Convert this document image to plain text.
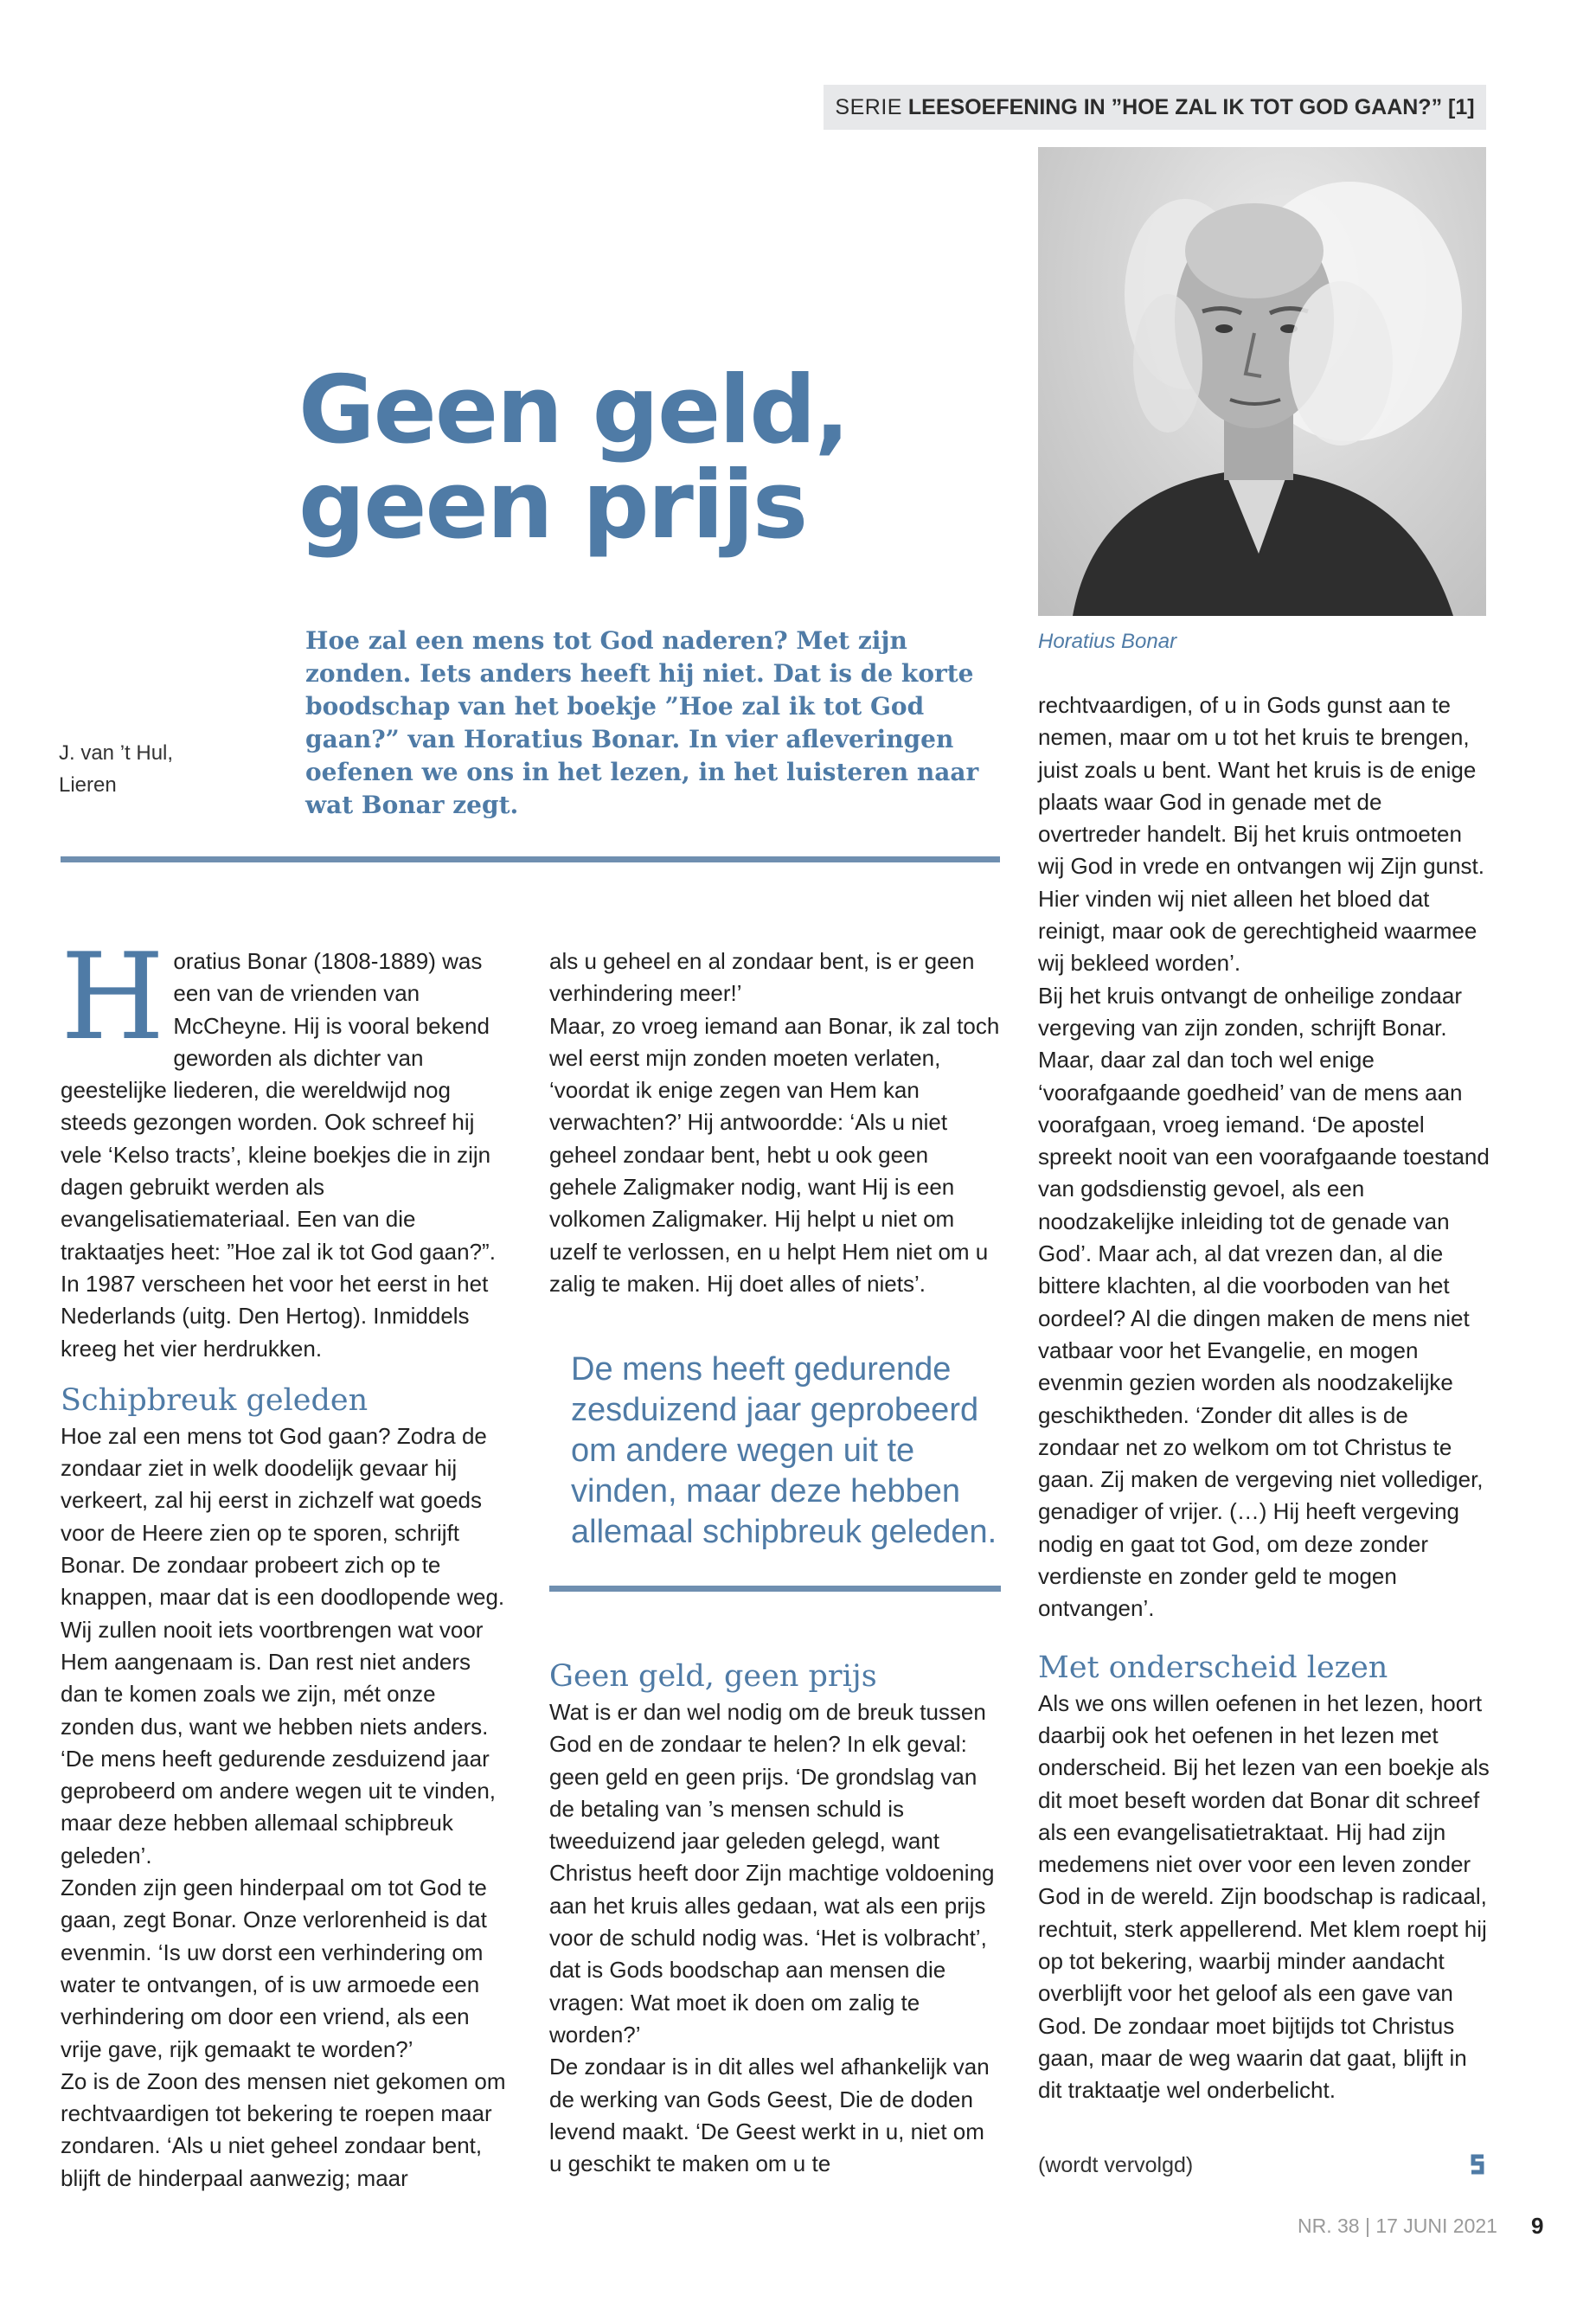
SERIE LEESOEFENING IN ”HOE ZAL IK TOT GOD GAAN?” [1]
Horatius Bonar
Geen geld,
geen prijs
Hoe zal een mens tot God naderen? Met zijn zonden. Iets anders heeft hij niet. Dat is de korte boodschap van het boekje ”Hoe zal ik tot God gaan?” van Horatius Bonar. In vier afleveringen oefenen we ons in het lezen, in het luisteren naar wat Bonar zegt.
J. van ’t Hul,
Lieren

Horatius Bonar (1808-1889) was een van de vrienden van McCheyne. Hij is vooral bekend geworden als dichter van geestelijke liederen, die wereldwijd nog steeds gezongen worden. Ook schreef hij vele ‘Kelso tracts’, kleine boekjes die in zijn dagen gebruikt werden als evangelisatiemateriaal. Een van die traktaatjes heet: ”Hoe zal ik tot God gaan?”. In 1987 verscheen het voor het eerst in het Nederlands (uitg. Den Hertog). Inmiddels kreeg het vier herdrukken.

Schipbreuk geleden

Hoe zal een mens tot God gaan? Zodra de zondaar ziet in welk doodelijk gevaar hij verkeert, zal hij eerst in zichzelf wat goeds voor de Heere zien op te sporen, schrijft Bonar. De zondaar probeert zich op te knappen, maar dat is een doodlopende weg. Wij zullen nooit iets voortbrengen wat voor Hem aangenaam is. Dan rest niet anders dan te komen zoals we zijn, mét onze zonden dus, want we hebben niets anders. ‘De mens heeft gedurende zesduizend jaar geprobeerd om andere wegen uit te vinden, maar deze hebben allemaal schipbreuk geleden’.

Zonden zijn geen hinderpaal om tot God te gaan, zegt Bonar. Onze verlorenheid is dat evenmin. ‘Is uw dorst een verhindering om water te ontvangen, of is uw armoede een verhindering om door een vriend, als een vrije gave, rijk gemaakt te worden?’

Zo is de Zoon des mensen niet gekomen om rechtvaardigen tot bekering te roepen maar zondaren. ‘Als u niet geheel zondaar bent, blijft de hinderpaal aanwezig; maar

als u geheel en al zondaar bent, is er geen verhindering meer!’

Maar, zo vroeg iemand aan Bonar, ik zal toch wel eerst mijn zonden moeten verlaten, ‘voordat ik enige zegen van Hem kan verwachten?’ Hij antwoordde: ‘Als u niet geheel zondaar bent, hebt u ook geen gehele Zaligmaker nodig, want Hij is een volkomen Zaligmaker. Hij helpt u niet om uzelf te verlossen, en u helpt Hem niet om u zalig te maken. Hij doet alles of niets’.

De mens heeft gedurende zesduizend jaar geprobeerd om andere wegen uit te vinden, maar deze hebben allemaal schipbreuk geleden.
Geen geld, geen prijs

Wat is er dan wel nodig om de breuk tussen God en de zondaar te helen? In elk geval: geen geld en geen prijs. ‘De grondslag van de betaling van ’s mensen schuld is tweeduizend jaar geleden gelegd, want Christus heeft door Zijn machtige voldoening aan het kruis alles gedaan, wat als een prijs voor de schuld nodig was. ‘Het is volbracht’, dat is Gods boodschap aan mensen die vragen: Wat moet ik doen om zalig te worden?’

De zondaar is in dit alles wel afhankelijk van de werking van Gods Geest, Die de doden levend maakt. ‘De Geest werkt in u, niet om u geschikt te maken om u te

rechtvaardigen, of u in Gods gunst aan te nemen, maar om u tot het kruis te brengen, juist zoals u bent. Want het kruis is de enige plaats waar God in genade met de overtreder handelt. Bij het kruis ontmoeten wij God in vrede en ontvangen wij Zijn gunst. Hier vinden wij niet alleen het bloed dat reinigt, maar ook de gerechtigheid waarmee wij bekleed worden’.

Bij het kruis ontvangt de onheilige zondaar vergeving van zijn zonden, schrijft Bonar. Maar, daar zal dan toch wel enige ‘voorafgaande goedheid’ van de mens aan voorafgaan, vroeg iemand. ‘De apostel spreekt nooit van een voorafgaande toestand van godsdienstig gevoel, als een noodzakelijke inleiding tot de genade van God’. Maar ach, al dat vrezen dan, al die bittere klachten, al die voorboden van het oordeel? Al die dingen maken de mens niet vatbaar voor het Evangelie, en mogen evenmin gezien worden als noodzakelijke geschiktheden. ‘Zonder dit alles is de zondaar net zo welkom om tot Christus te gaan. Zij maken de vergeving niet vollediger, genadiger of vrijer. (…) Hij heeft vergeving nodig en gaat tot God, om deze zonder verdienste en zonder geld te mogen ontvangen’.

Met onderscheid lezen

Als we ons willen oefenen in het lezen, hoort daarbij ook het oefenen in het lezen met onderscheid. Bij het lezen van een boekje als dit moet beseft worden dat Bonar dit schreef als een evangelisatietraktaat. Hij had zijn medemens niet over voor een leven zonder God in de wereld. Zijn boodschap is radicaal, rechtuit, sterk appellerend. Met klem roept hij op tot bekering, waarbij minder aandacht overblijft voor het geloof als een gave van God. De zondaar moet bijtijds tot Christus gaan, maar de weg waarin dat gaat, blijft in dit traktaatje wel onderbelicht.

(wordt vervolgd)
NR. 38 | 17 JUNI 2021 9
